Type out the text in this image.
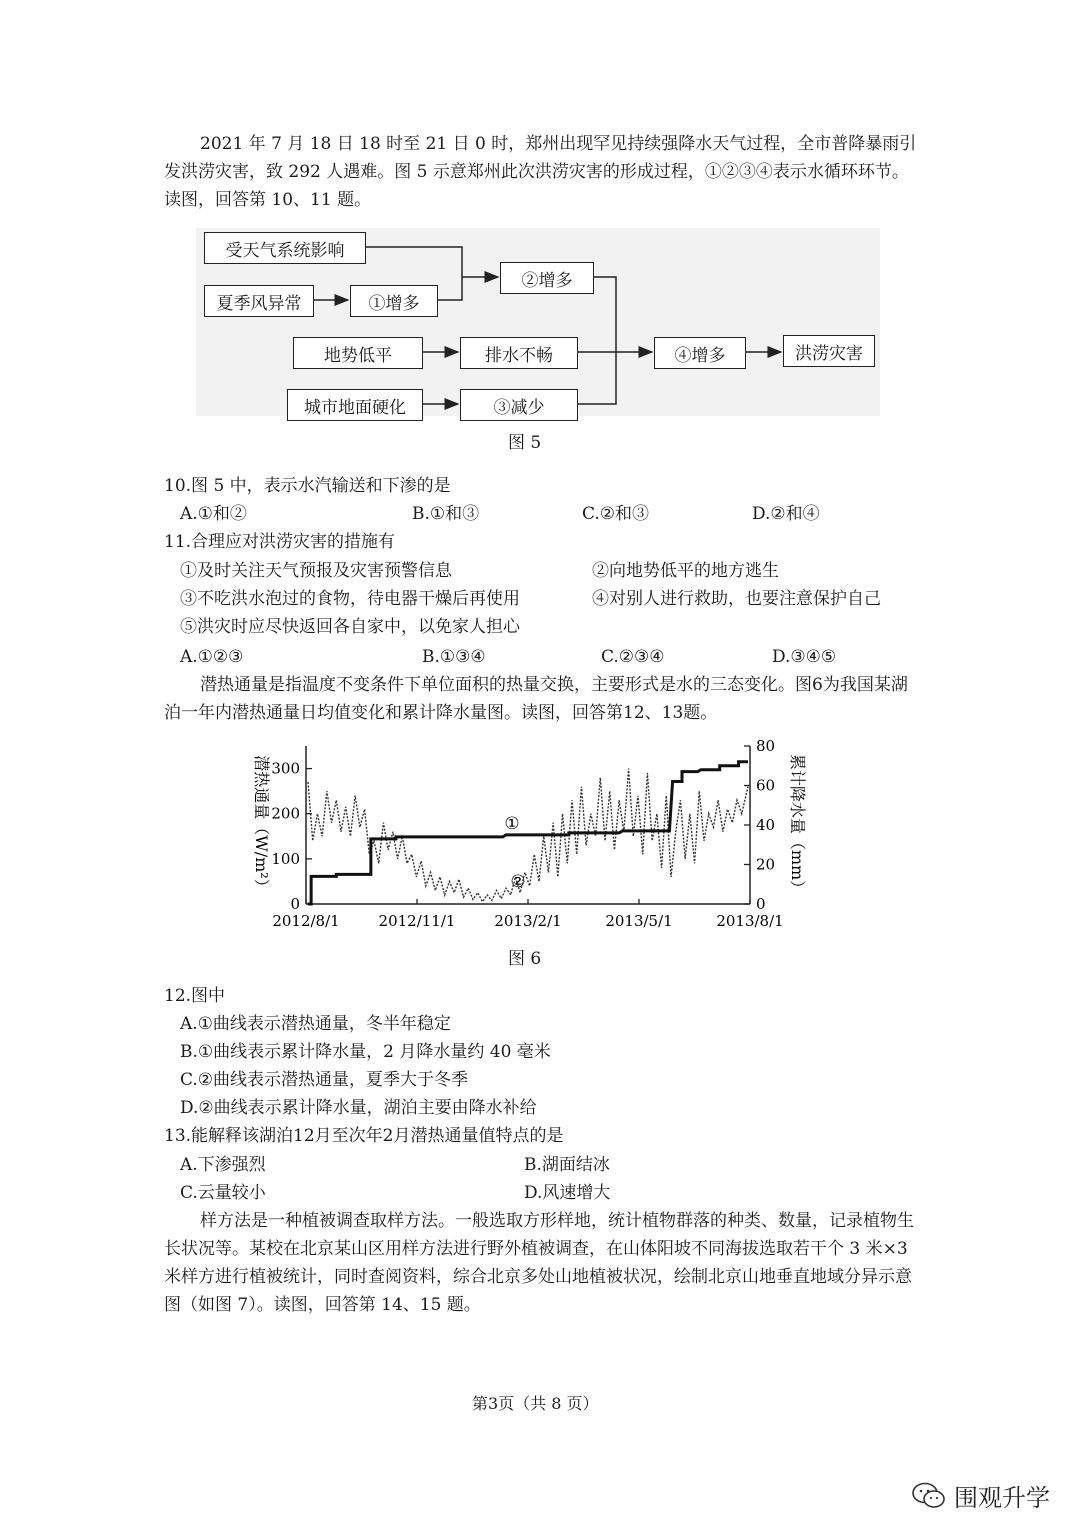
2021 年 7 月 18 日 18 时至 21 日 0 时，郑州出现罕见持续强降水天气过程，全市普降暴雨引发洪涝灾害，致 292 人遇难。图 5 示意郑州此次洪涝灾害的形成过程，①②③④表示水循环环节。读图，回答第 10、11 题。

受天气系统影响
夏季风异常	①增多
②增多
地势低平	排水不畅
城市地面硬化	③减少
④增多	洪涝灾害
图 5
10.图 5 中，表示水汽输送和下渗的是
A.①和②	B.①和③	C.②和③	D.②和④
11.合理应对洪涝灾害的措施有
①及时关注天气预报及灾害预警信息	②向地势低平的地方逃生
③不吃洪水泡过的食物，待电器干燥后再使用	④对别人进行救助，也要注意保护自己
⑤洪灾时应尽快返回各自家中，以免家人担心
A.①②③	B.①③④	C.②③④	D.③④⑤

潜热通量是指温度不变条件下单位面积的热量交换，主要形式是水的三态变化。图6为我国某湖泊一年内潜热通量日均值变化和累计降水量图。读图，回答第12、13题。

0
100
200
300
0
20
40
60
80
2012/8/1	2012/11/1	2013/2/1	2013/5/1	2013/8/1
①
②
潜热通量（W/m²）	累计降水量（mm）
图 6
12.图中
A.①曲线表示潜热通量，冬半年稳定
B.①曲线表示累计降水量，2 月降水量约 40 毫米
C.②曲线表示潜热通量，夏季大于冬季
D.②曲线表示累计降水量，湖泊主要由降水补给
13.能解释该湖泊12月至次年2月潜热通量值特点的是
A.下渗强烈	B.湖面结冰
C.云量较小	D.风速增大

样方法是一种植被调查取样方法。一般选取方形样地，统计植物群落的种类、数量，记录植物生长状况等。某校在北京某山区用样方法进行野外植被调查，在山体阳坡不同海拔选取若干个 3 米×3 米样方进行植被统计，同时查阅资料，综合北京多处山地植被状况，绘制北京山地垂直地域分异示意图（如图 7）。读图，回答第 14、15 题。

第3页（共 8 页）
围观升学
